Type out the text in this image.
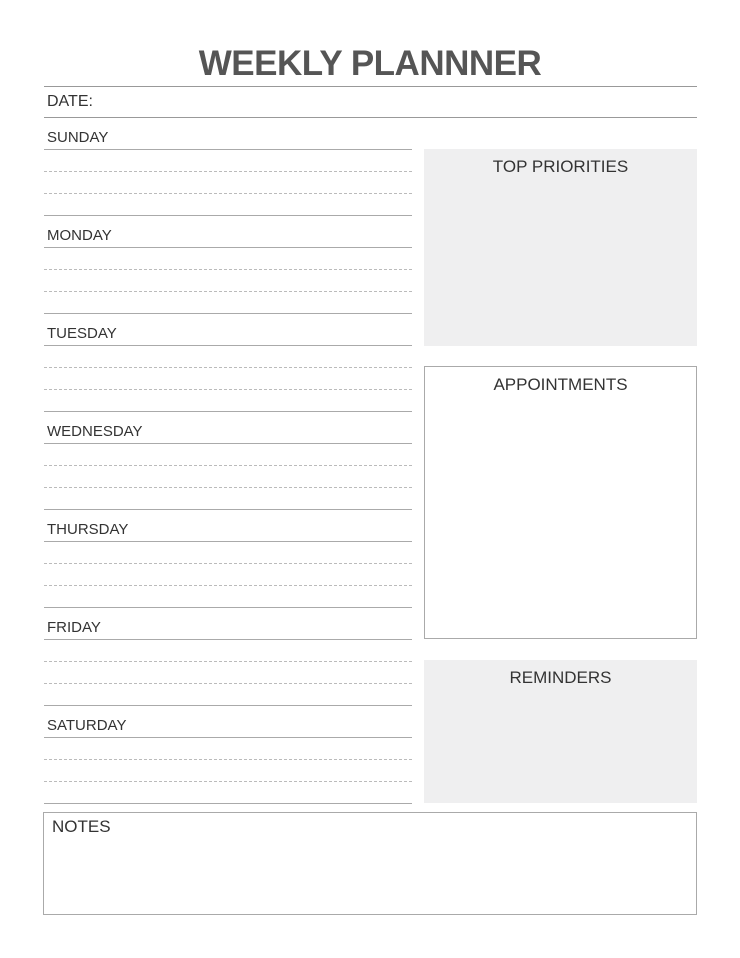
WEEKLY PLANNNER
DATE:
SUNDAY
MONDAY
TUESDAY
WEDNESDAY
THURSDAY
FRIDAY
SATURDAY
TOP PRIORITIES
APPOINTMENTS
REMINDERS
NOTES
